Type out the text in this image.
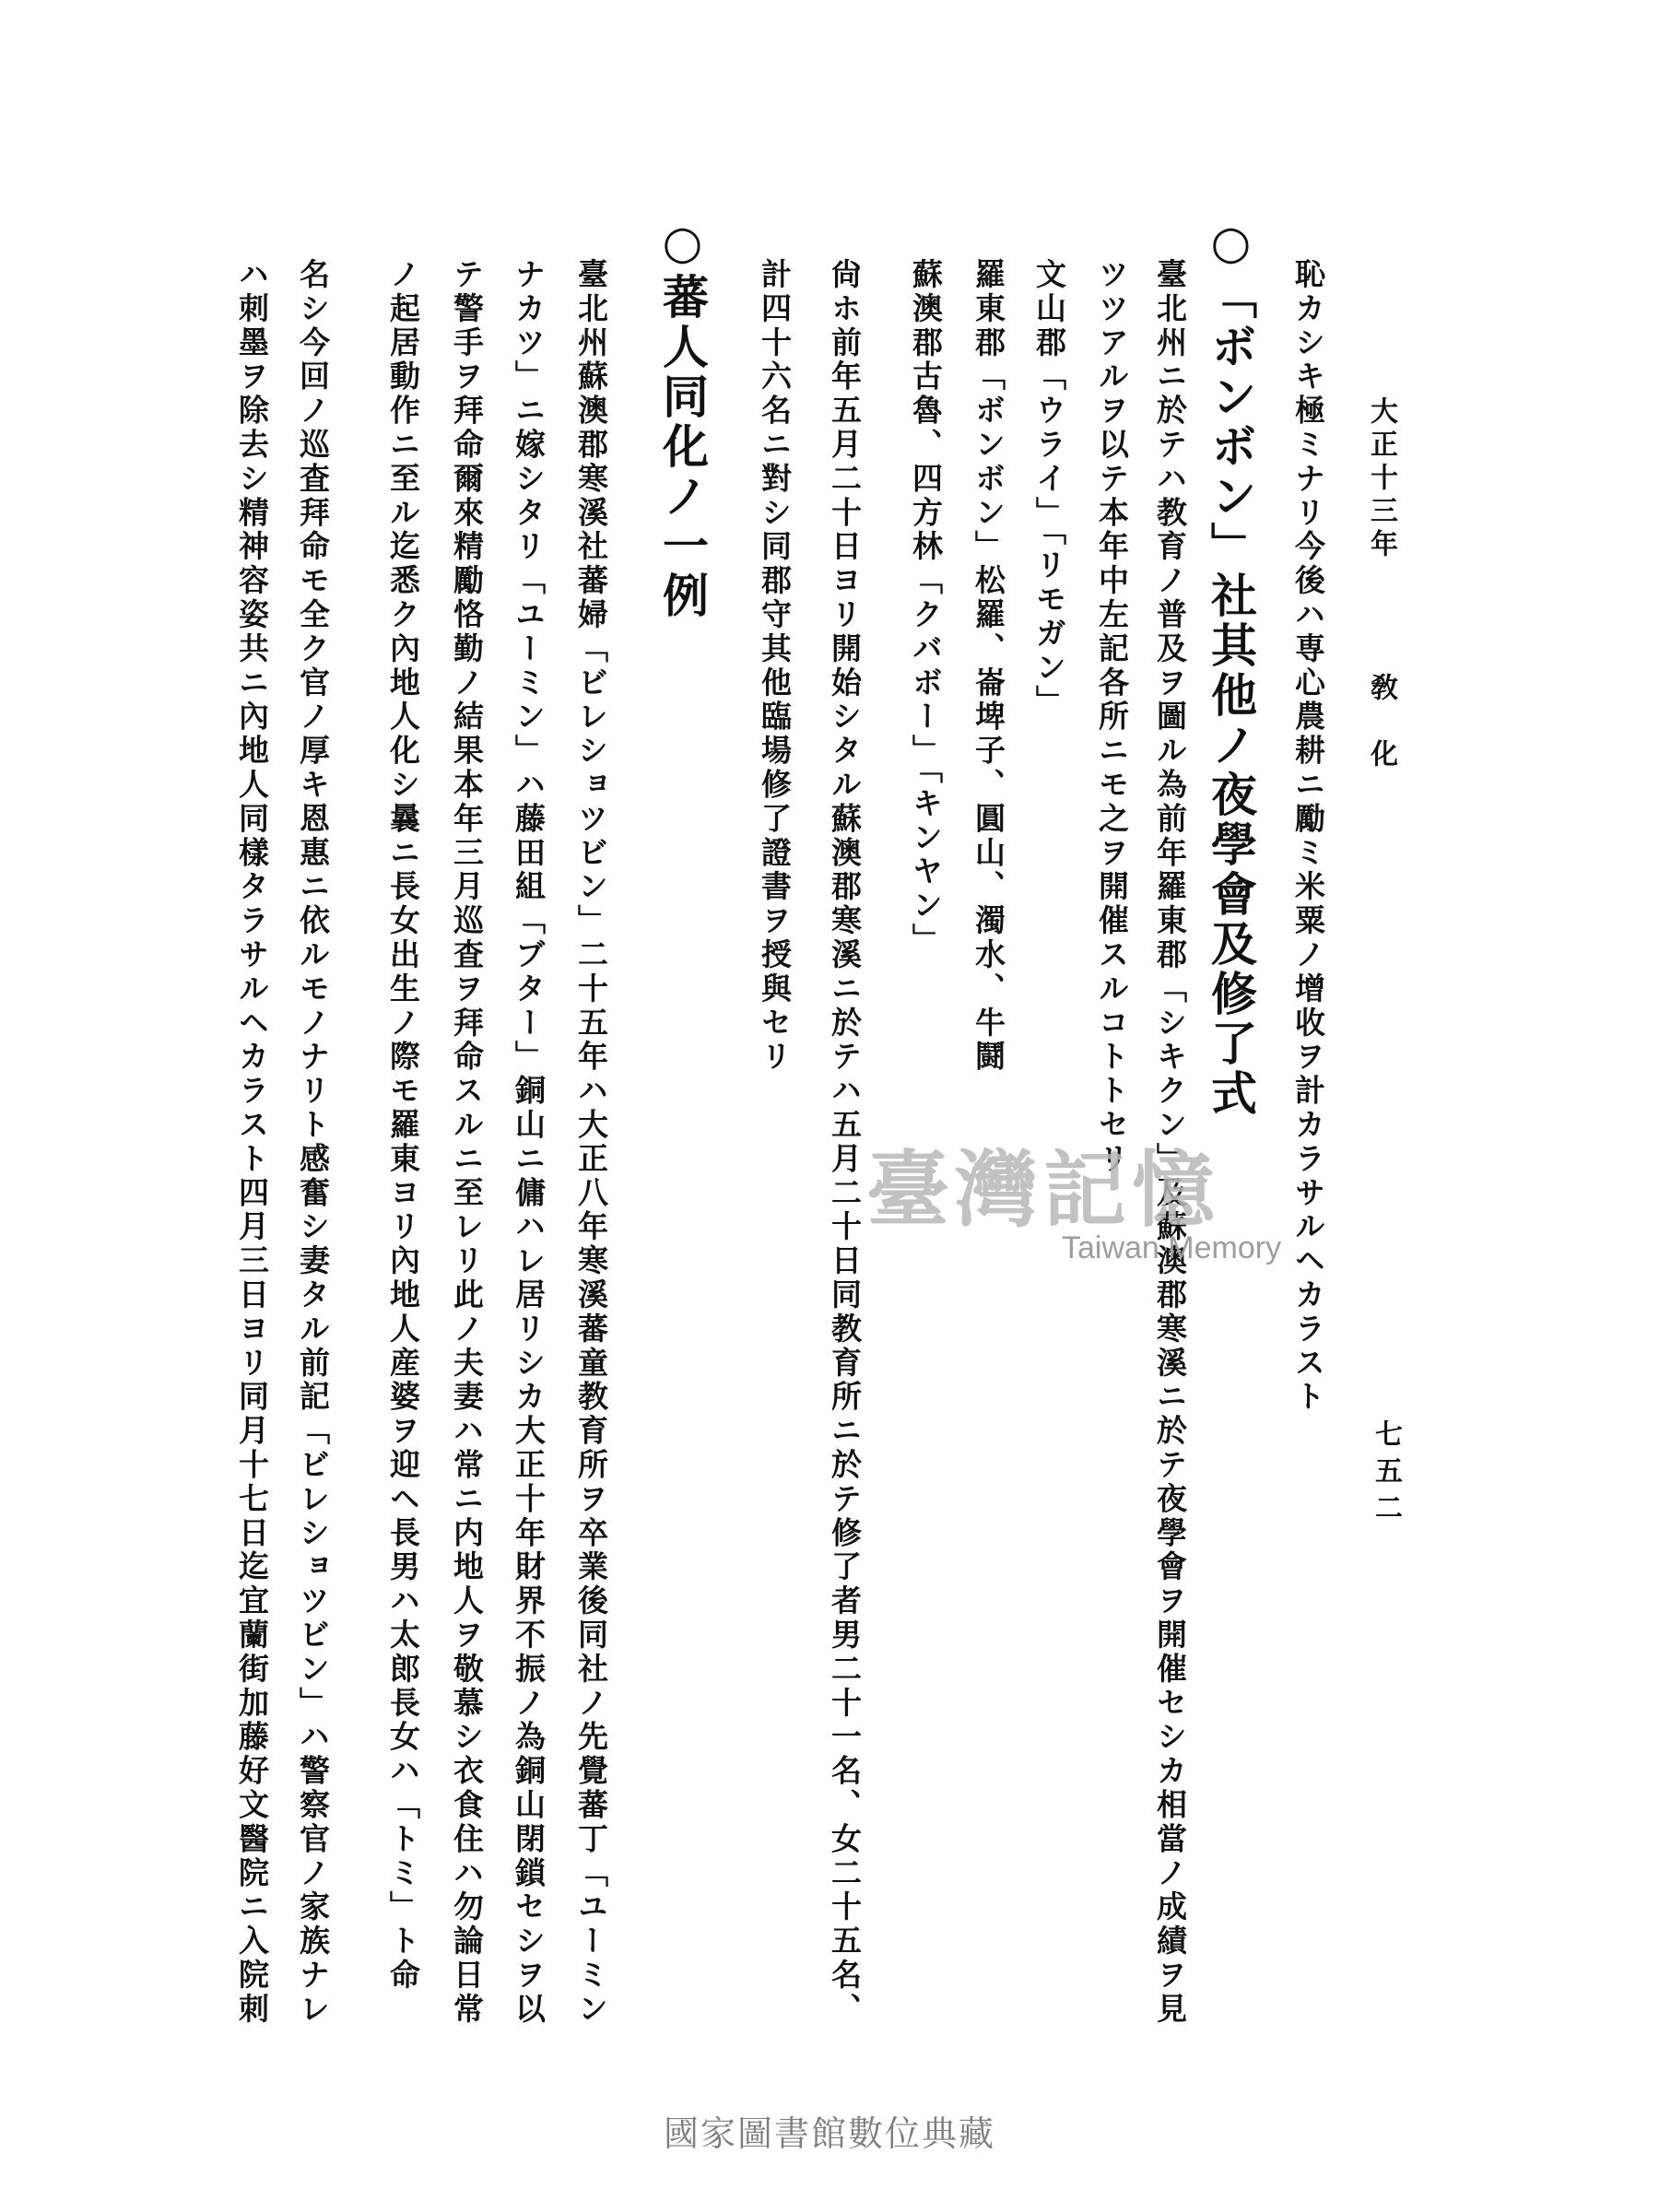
大正十三年
敎　化
七五二
恥カシキ極ミナリ今後ハ専心農耕ニ勵ミ米粟ノ增收ヲ計カラサルヘカラスト
○「ボンボン」社其他ノ夜學會及修了式
臺北州ニ於テハ教育ノ普及ヲ圖ル為前年羅東郡「シキクン」及蘇澳郡寒溪ニ於テ夜學會ヲ開催セシカ相當ノ成績ヲ見
ツツアルヲ以テ本年中左記各所ニモ之ヲ開催スルコトトセリ
文山郡「ウライ」「リモガン」
羅東郡「ボンボン」松羅、崙埤子、圓山、濁水、牛鬪
蘇澳郡古魯、四方林「クバボー」「キンヤン」
尙ホ前年五月二十日ヨリ開始シタル蘇澳郡寒溪ニ於テハ五月二十日同教育所ニ於テ修了者男二十一名、女二十五名、
計四十六名ニ對シ同郡守其他臨場修了證書ヲ授與セリ
○蕃人同化ノ一例
臺北州蘇澳郡寒溪社蕃婦「ビレショツビン」二十五年ハ大正八年寒溪蕃童教育所ヲ卒業後同社ノ先覺蕃丁「ユーミン
ナカツ」ニ嫁シタリ「ユーミン」ハ藤田組「ブター」銅山ニ傭ハレ居リシカ大正十年財界不振ノ為銅山閉鎖セシヲ以
テ警手ヲ拜命爾來精勵恪勤ノ結果本年三月巡査ヲ拜命スルニ至レリ此ノ夫妻ハ常ニ内地人ヲ敬慕シ衣食住ハ勿論日常
ノ起居動作ニ至ル迄悉ク內地人化シ曩ニ長女出生ノ際モ羅東ヨリ內地人産婆ヲ迎ヘ長男ハ太郎長女ハ「トミ」ト命
名シ今回ノ巡査拜命モ全ク官ノ厚キ恩惠ニ依ルモノナリト感奮シ妻タル前記「ビレショツビン」ハ警察官ノ家族ナレ
ハ刺墨ヲ除去シ精神容姿共ニ內地人同樣タラサルヘカラスト四月三日ヨリ同月十七日迄宜蘭街加藤好文醫院ニ入院刺	臺灣記憶
Taiwan Memory
國家圖書館數位典藏
